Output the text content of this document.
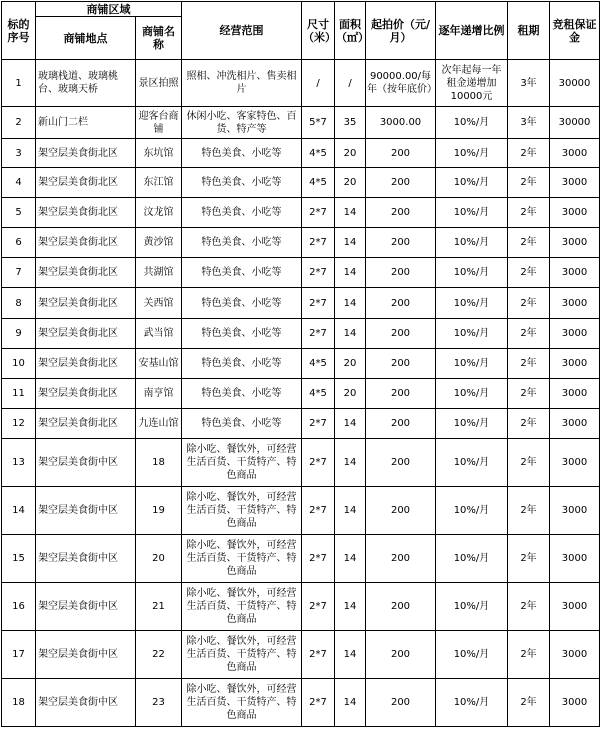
标的序号	商铺区域		经营范围	尺寸（米）	面积（㎡）	起拍价（元/月）	逐年递增比例	租期	竞租保证金
	商铺地点	商铺名称							
1	玻璃栈道、玻璃桃台、玻璃天桥	景区拍照	照相、冲洗相片、售卖相片	/	/	90000.00/每年（按年底价）	次年起每一年租金递增加10000元	3年	30000
2	新山门二栏	迎客台商铺	休闲小吃、客家特色、百货、特产等	5*7	35	3000.00	10%/月	3年	30000
3	架空层美食街北区	东坑馆	特色美食、小吃等	4*5	20	200	10%/月	2年	3000
4	架空层美食街北区	东江馆	特色美食、小吃等	4*5	20	200	10%/月	2年	3000
5	架空层美食街北区	汶龙馆	特色美食、小吃等	2*7	14	200	10%/月	2年	3000
6	架空层美食街北区	黄沙馆	特色美食、小吃等	2*7	14	200	10%/月	2年	3000
7	架空层美食街北区	共湖馆	特色美食、小吃等	2*7	14	200	10%/月	2年	3000
8	架空层美食街北区	关西馆	特色美食、小吃等	2*7	14	200	10%/月	2年	3000
9	架空层美食街北区	武当馆	特色美食、小吃等	2*7	14	200	10%/月	2年	3000
10	架空层美食街北区	安基山馆	特色美食、小吃等	4*5	20	200	10%/月	2年	3000
11	架空层美食街北区	南亨馆	特色美食、小吃等	4*5	20	200	10%/月	2年	3000
12	架空层美食街北区	九连山馆	特色美食、小吃等	2*7	14	200	10%/月	2年	3000
13	架空层美食街中区	18	除小吃、餐饮外，可经营生活百货、干货特产、特色商品	2*7	14	200	10%/月	2年	3000
14	架空层美食街中区	19	除小吃、餐饮外，可经营生活百货、干货特产、特色商品	2*7	14	200	10%/月	2年	3000
15	架空层美食街中区	20	除小吃、餐饮外，可经营生活百货、干货特产、特色商品	2*7	14	200	10%/月	2年	3000
16	架空层美食街中区	21	除小吃、餐饮外，可经营生活百货、干货特产、特色商品	2*7	14	200	10%/月	2年	3000
17	架空层美食街中区	22	除小吃、餐饮外，可经营生活百货、干货特产、特色商品	2*7	14	200	10%/月	2年	3000
18	架空层美食街中区	23	除小吃、餐饮外，可经营生活百货、干货特产、特色商品	2*7	14	200	10%/月	2年	3000
